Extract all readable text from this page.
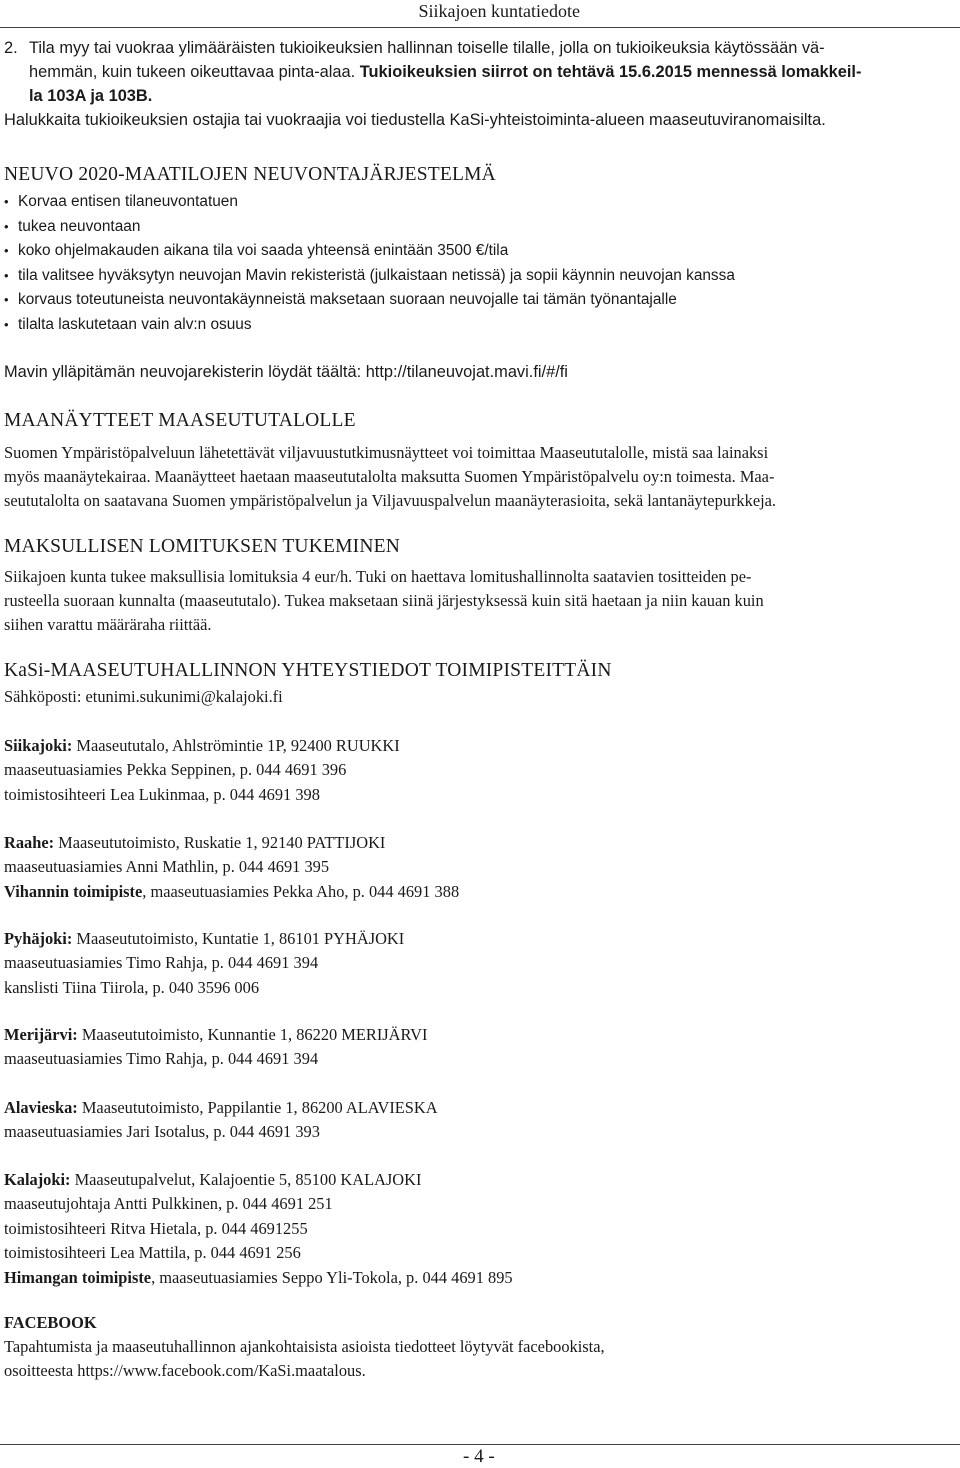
Siikajoen kuntatiedote

2. Tila myy tai vuokraa ylimääräisten tukioikeuksien hallinnan toiselle tilalle, jolla on tukioikeuksia käytössään vä-
hemmän, kuin tukeen oikeuttavaa pinta-alaa. Tukioikeuksien siirrot on tehtävä 15.6.2015 mennessä lomakkeil-
la 103A ja 103B.

Halukkaita tukioikeuksien ostajia tai vuokraajia voi tiedustella KaSi-yhteistoiminta-alueen maaseutuviranomaisilta.

NEUVO 2020-MAATILOJEN NEUVONTAJÄRJESTELMÄ
• Korvaa entisen tilaneuvontatuen
• tukea neuvontaan
• koko ohjelmakauden aikana tila voi saada yhteensä enintään 3500 €/tila
• tila valitsee hyväksytyn neuvojan Mavin rekisteristä (julkaistaan netissä) ja sopii käynnin neuvojan kanssa
• korvaus toteutuneista neuvontakäynneistä maksetaan suoraan neuvojalle tai tämän työnantajalle
• tilalta laskutetaan vain alv:n osuus

Mavin ylläpitämän neuvojarekisterin löydät täältä: http://tilaneuvojat.mavi.fi/#/fi

MAANÄYTTEET MAASEUTUTALOLLE

Suomen Ympäristöpalveluun lähetettävät viljavuustutkimusnäytteet voi toimittaa Maaseututalolle, mistä saa lainaksi
myös maanäytekairaa. Maanäytteet haetaan maaseututalolta maksutta Suomen Ympäristöpalvelu oy:n toimesta. Maa-
seututalolta on saatavana Suomen ympäristöpalvelun ja Viljavuuspalvelun maanäyterasioita, sekä lantanäytepurkkeja.

MAKSULLISEN LOMITUKSEN TUKEMINEN

Siikajoen kunta tukee maksullisia lomituksia 4 eur/h. Tuki on haettava lomitushallinnolta saatavien tositteiden pe-
rusteella suoraan kunnalta (maaseututalo). Tukea maksetaan siinä järjestyksessä kuin sitä haetaan ja niin kauan kuin
siihen varattu määräraha riittää.

KaSi-MAASEUTUHALLINNON YHTEYSTIEDOT TOIMIPISTEITTÄIN

Sähköposti: etunimi.sukunimi@kalajoki.fi

Siikajoki: Maaseututalo, Ahlströmintie 1P, 92400 RUUKKI

maaseutuasiamies Pekka Seppinen, p. 044 4691 396

toimistosihteeri Lea Lukinmaa, p. 044 4691 398

Raahe: Maaseututoimisto, Ruskatie 1, 92140 PATTIJOKI

maaseutuasiamies Anni Mathlin, p. 044 4691 395

Vihannin toimipiste, maaseutuasiamies Pekka Aho, p. 044 4691 388

Pyhäjoki: Maaseututoimisto, Kuntatie 1, 86101 PYHÄJOKI

maaseutuasiamies Timo Rahja, p. 044 4691 394

kanslisti Tiina Tiirola, p. 040 3596 006

Merijärvi: Maaseututoimisto, Kunnantie 1, 86220 MERIJÄRVI

maaseutuasiamies Timo Rahja, p. 044 4691 394

Alavieska: Maaseututoimisto, Pappilantie 1, 86200 ALAVIESKA

maaseutuasiamies Jari Isotalus, p. 044 4691 393

Kalajoki: Maaseutupalvelut, Kalajoentie 5, 85100 KALAJOKI

maaseutujohtaja Antti Pulkkinen, p. 044 4691 251

toimistosihteeri Ritva Hietala, p. 044 4691255

toimistosihteeri Lea Mattila, p. 044 4691 256

Himangan toimipiste, maaseutuasiamies Seppo Yli-Tokola, p. 044 4691 895

FACEBOOK

Tapahtumista ja maaseutuhallinnon ajankohtaisista asioista tiedotteet löytyvät facebookista,

osoitteesta https://www.facebook.com/KaSi.maatalous.

- 4 -
